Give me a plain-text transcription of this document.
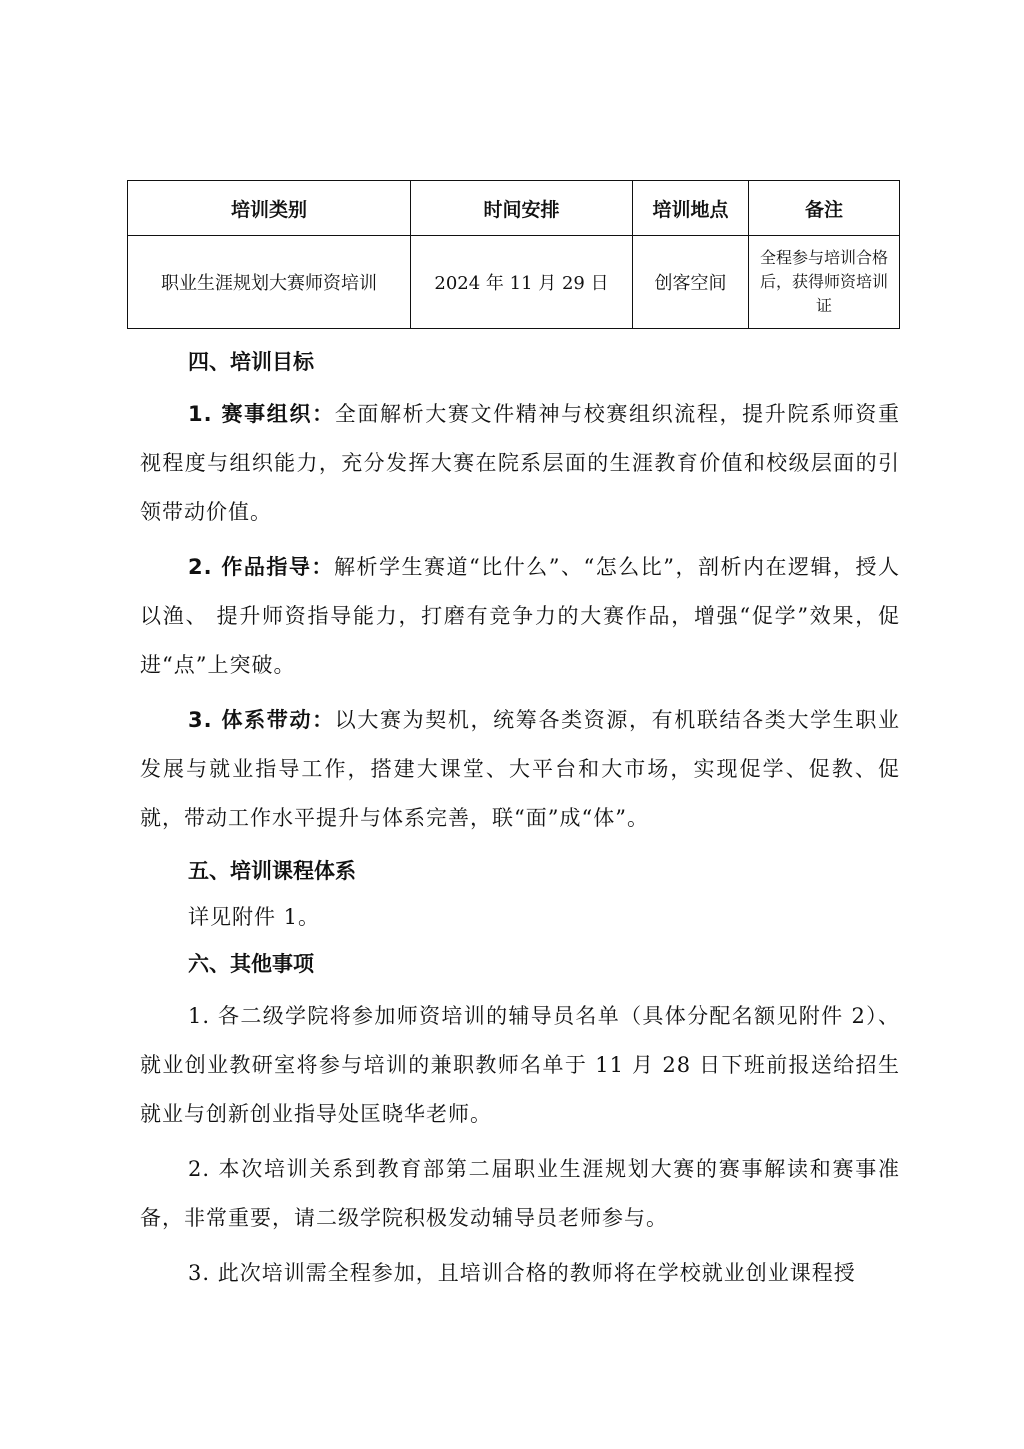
培训类别	时间安排	培训地点	备注
职业生涯规划大赛师资培训	2024 年 11 月 29 日	创客空间	全程参与培训合格后，获得师资培训证

四、培训目标

1. 赛事组织：全面解析大赛文件精神与校赛组织流程，提升院系师资重视程度与组织能力，充分发挥大赛在院系层面的生涯教育价值和校级层面的引领带动价值。

2. 作品指导：解析学生赛道“比什么”、“怎么比”，剖析内在逻辑，授人以渔、 提升师资指导能力，打磨有竞争力的大赛作品，增强“促学”效果，促进“点”上突破。

3. 体系带动：以大赛为契机，统筹各类资源，有机联结各类大学生职业发展与就业指导工作，搭建大课堂、大平台和大市场，实现促学、促教、促就，带动工作水平提升与体系完善，联“面”成“体”。

五、培训课程体系

详见附件 1。

六、其他事项

1. 各二级学院将参加师资培训的辅导员名单（具体分配名额见附件 2）、就业创业教研室将参与培训的兼职教师名单于 11 月 28 日下班前报送给招生就业与创新创业指导处匡晓华老师。

2. 本次培训关系到教育部第二届职业生涯规划大赛的赛事解读和赛事准备，非常重要，请二级学院积极发动辅导员老师参与。

3. 此次培训需全程参加，且培训合格的教师将在学校就业创业课程授
